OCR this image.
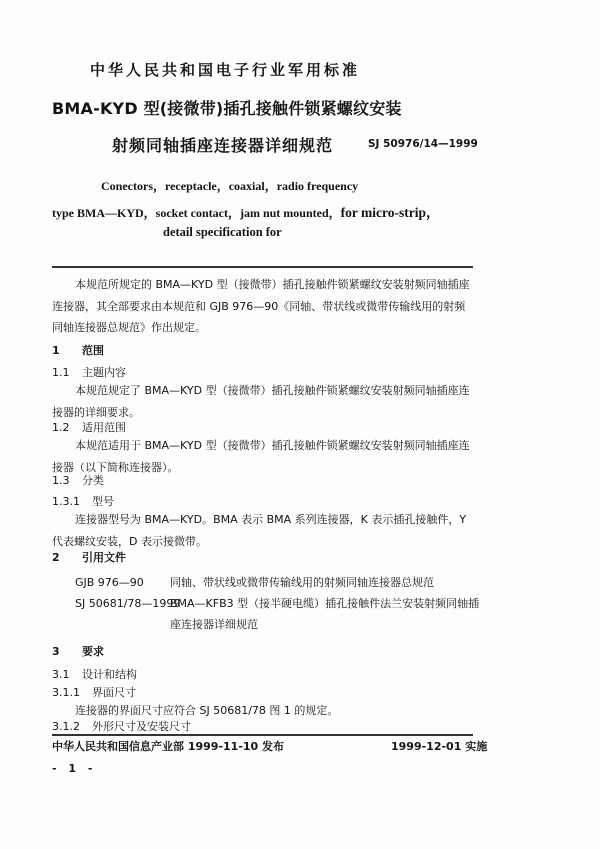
中华人民共和国电子行业军用标准
BMA-KYD 型(接微带)插孔接触件锁紧螺纹安装
射频同轴插座连接器详细规范	SJ 50976/14—1999
Conectors，receptacle，coaxial，radio frequency
type BMA—KYD，socket contact，jam nut mounted，for micro-strip，
detail specification for
本规范所规定的 BMA—KYD 型（接微带）插孔接触件锁紧螺纹安装射频同轴插座连接器，其全部要求由本规范和 GJB 976—90《同轴、带状线或微带传输线用的射频同轴连接器总规范》作出规定。
1 范围
1.1 主题内容
本规范规定了 BMA—KYD 型（接微带）插孔接触件锁紧螺纹安装射频同轴插座连接器的详细要求。
1.2 适用范围
本规范适用于 BMA—KYD 型（接微带）插孔接触件锁紧螺纹安装射频同轴插座连接器（以下简称连接器）。
1.3 分类
1.3.1 型号
连接器型号为 BMA—KYD。BMA 表示 BMA 系列连接器，K 表示插孔接触件，Y 代表螺纹安装，D 表示接微带。
2 引用文件
GJB 976—90 同轴、带状线或微带传输线用的射频同轴连接器总规范
SJ 50681/78—1999BMA—KFB3 型（接半硬电缆）插孔接触件法兰安装射频同轴插
座连接器详细规范
3 要求
3.1 设计和结构
3.1.1 界面尺寸
连接器的界面尺寸应符合 SJ 50681/78 图 1 的规定。
3.1.2 外形尺寸及安装尺寸
中华人民共和国信息产业部 1999-11-10 发布	1999-12-01 实施
- 1 -
